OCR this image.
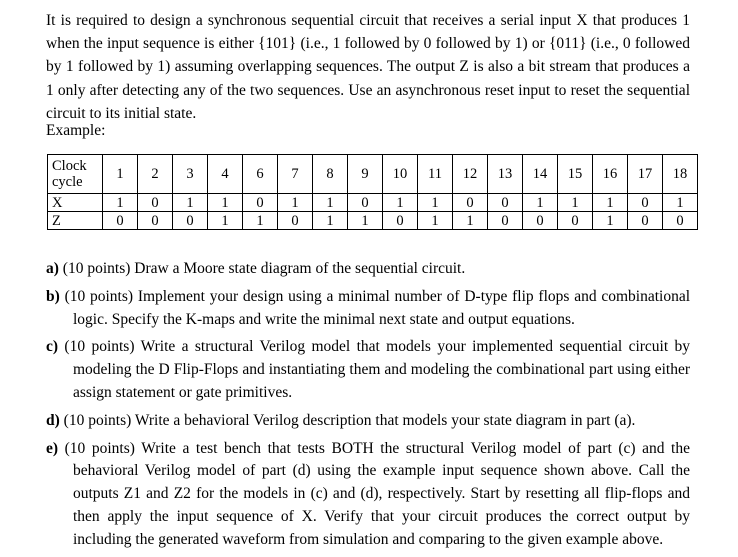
It is required to design a synchronous sequential circuit that receives a serial input X that produces 1 when the input sequence is either {101} (i.e., 1 followed by 0 followed by 1) or {011} (i.e., 0 followed by 1 followed by 1) assuming overlapping sequences. The output Z is also a bit stream that produces a 1 only after detecting any of the two sequences. Use an asynchronous reset input to reset the sequential circuit to its initial state.

Example:

Clock cycle	1	2	3	4	6	7	8	9	10	11	12	13	14	15	16	17	18
X	1	0	1	1	0	1	1	0	1	1	0	0	1	1	1	0	1
Z	0	0	0	1	1	0	1	1	0	1	1	0	0	0	1	0	0

a) (10 points) Draw a Moore state diagram of the sequential circuit.

b) (10 points) Implement your design using a minimal number of D-type flip flops and combinational logic. Specify the K-maps and write the minimal next state and output equations.

c) (10 points) Write a structural Verilog model that models your implemented sequential circuit by modeling the D Flip-Flops and instantiating them and modeling the combinational part using either assign statement or gate primitives.

d) (10 points) Write a behavioral Verilog description that models your state diagram in part (a).

e) (10 points) Write a test bench that tests BOTH the structural Verilog model of part (c) and the behavioral Verilog model of part (d) using the example input sequence shown above. Call the outputs Z1 and Z2 for the models in (c) and (d), respectively. Start by resetting all flip-flops and then apply the input sequence of X. Verify that your circuit produces the correct output by including the generated waveform from simulation and comparing to the given example above.
